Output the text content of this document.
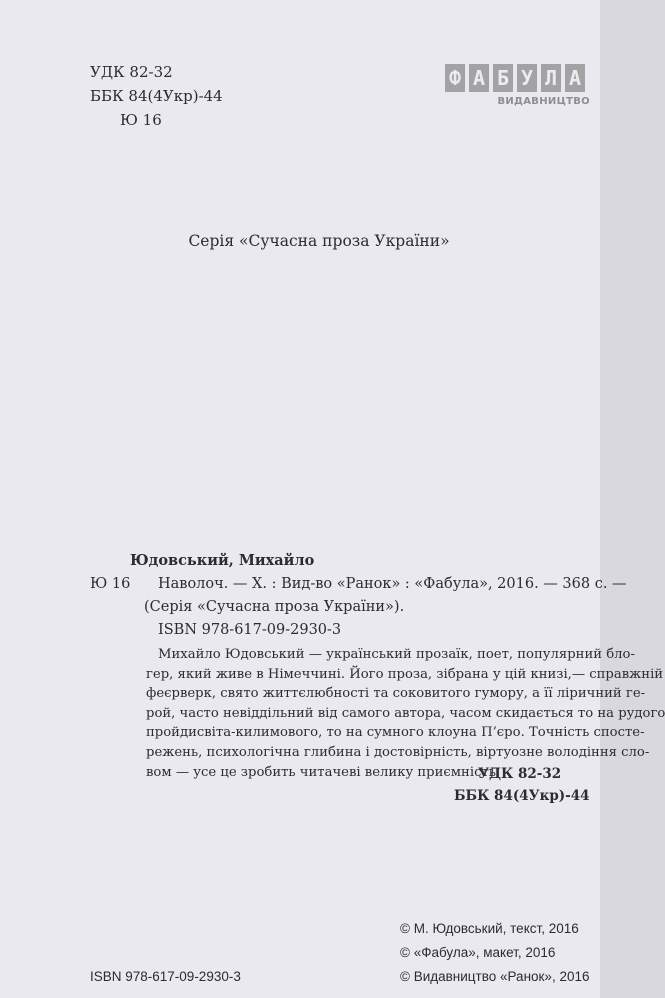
УДК 82-32
ББК 84(4Укр)-44
Ю 16
Ф А Б У Л А
ВИДАВНИЦТВО
Серія «Сучасна проза України»
Юдовський, Михайло
Ю 16 Наволоч. — Х. : Вид-во «Ранок» : «Фабула», 2016. — 368 с. —
(Серія «Сучасна проза України»).
ISBN 978-617-09-2930-3
Михайло Юдовський — український прозаїк, поет, популярний бло-
гер, який живе в Німеччині. Його проза, зібрана у цій книзі,— справжній
феєрверк, свято життєлюбності та соковитого гумору, а її ліричний ге-
рой, часто невіддільний від самого автора, часом скидається то на рудого
пройдисвіта-килимового, то на сумного клоуна П’єро. Точність спосте-
режень, психологічна глибина і достовірність, віртуозне володіння сло-
вом — усе це зробить читачеві велику приємність.
УДК 82-32
ББК 84(4Укр)-44
© М. Юдовський, текст, 2016
© «Фабула», макет, 2016
© Видавництво «Ранок», 2016
ISBN 978-617-09-2930-3
